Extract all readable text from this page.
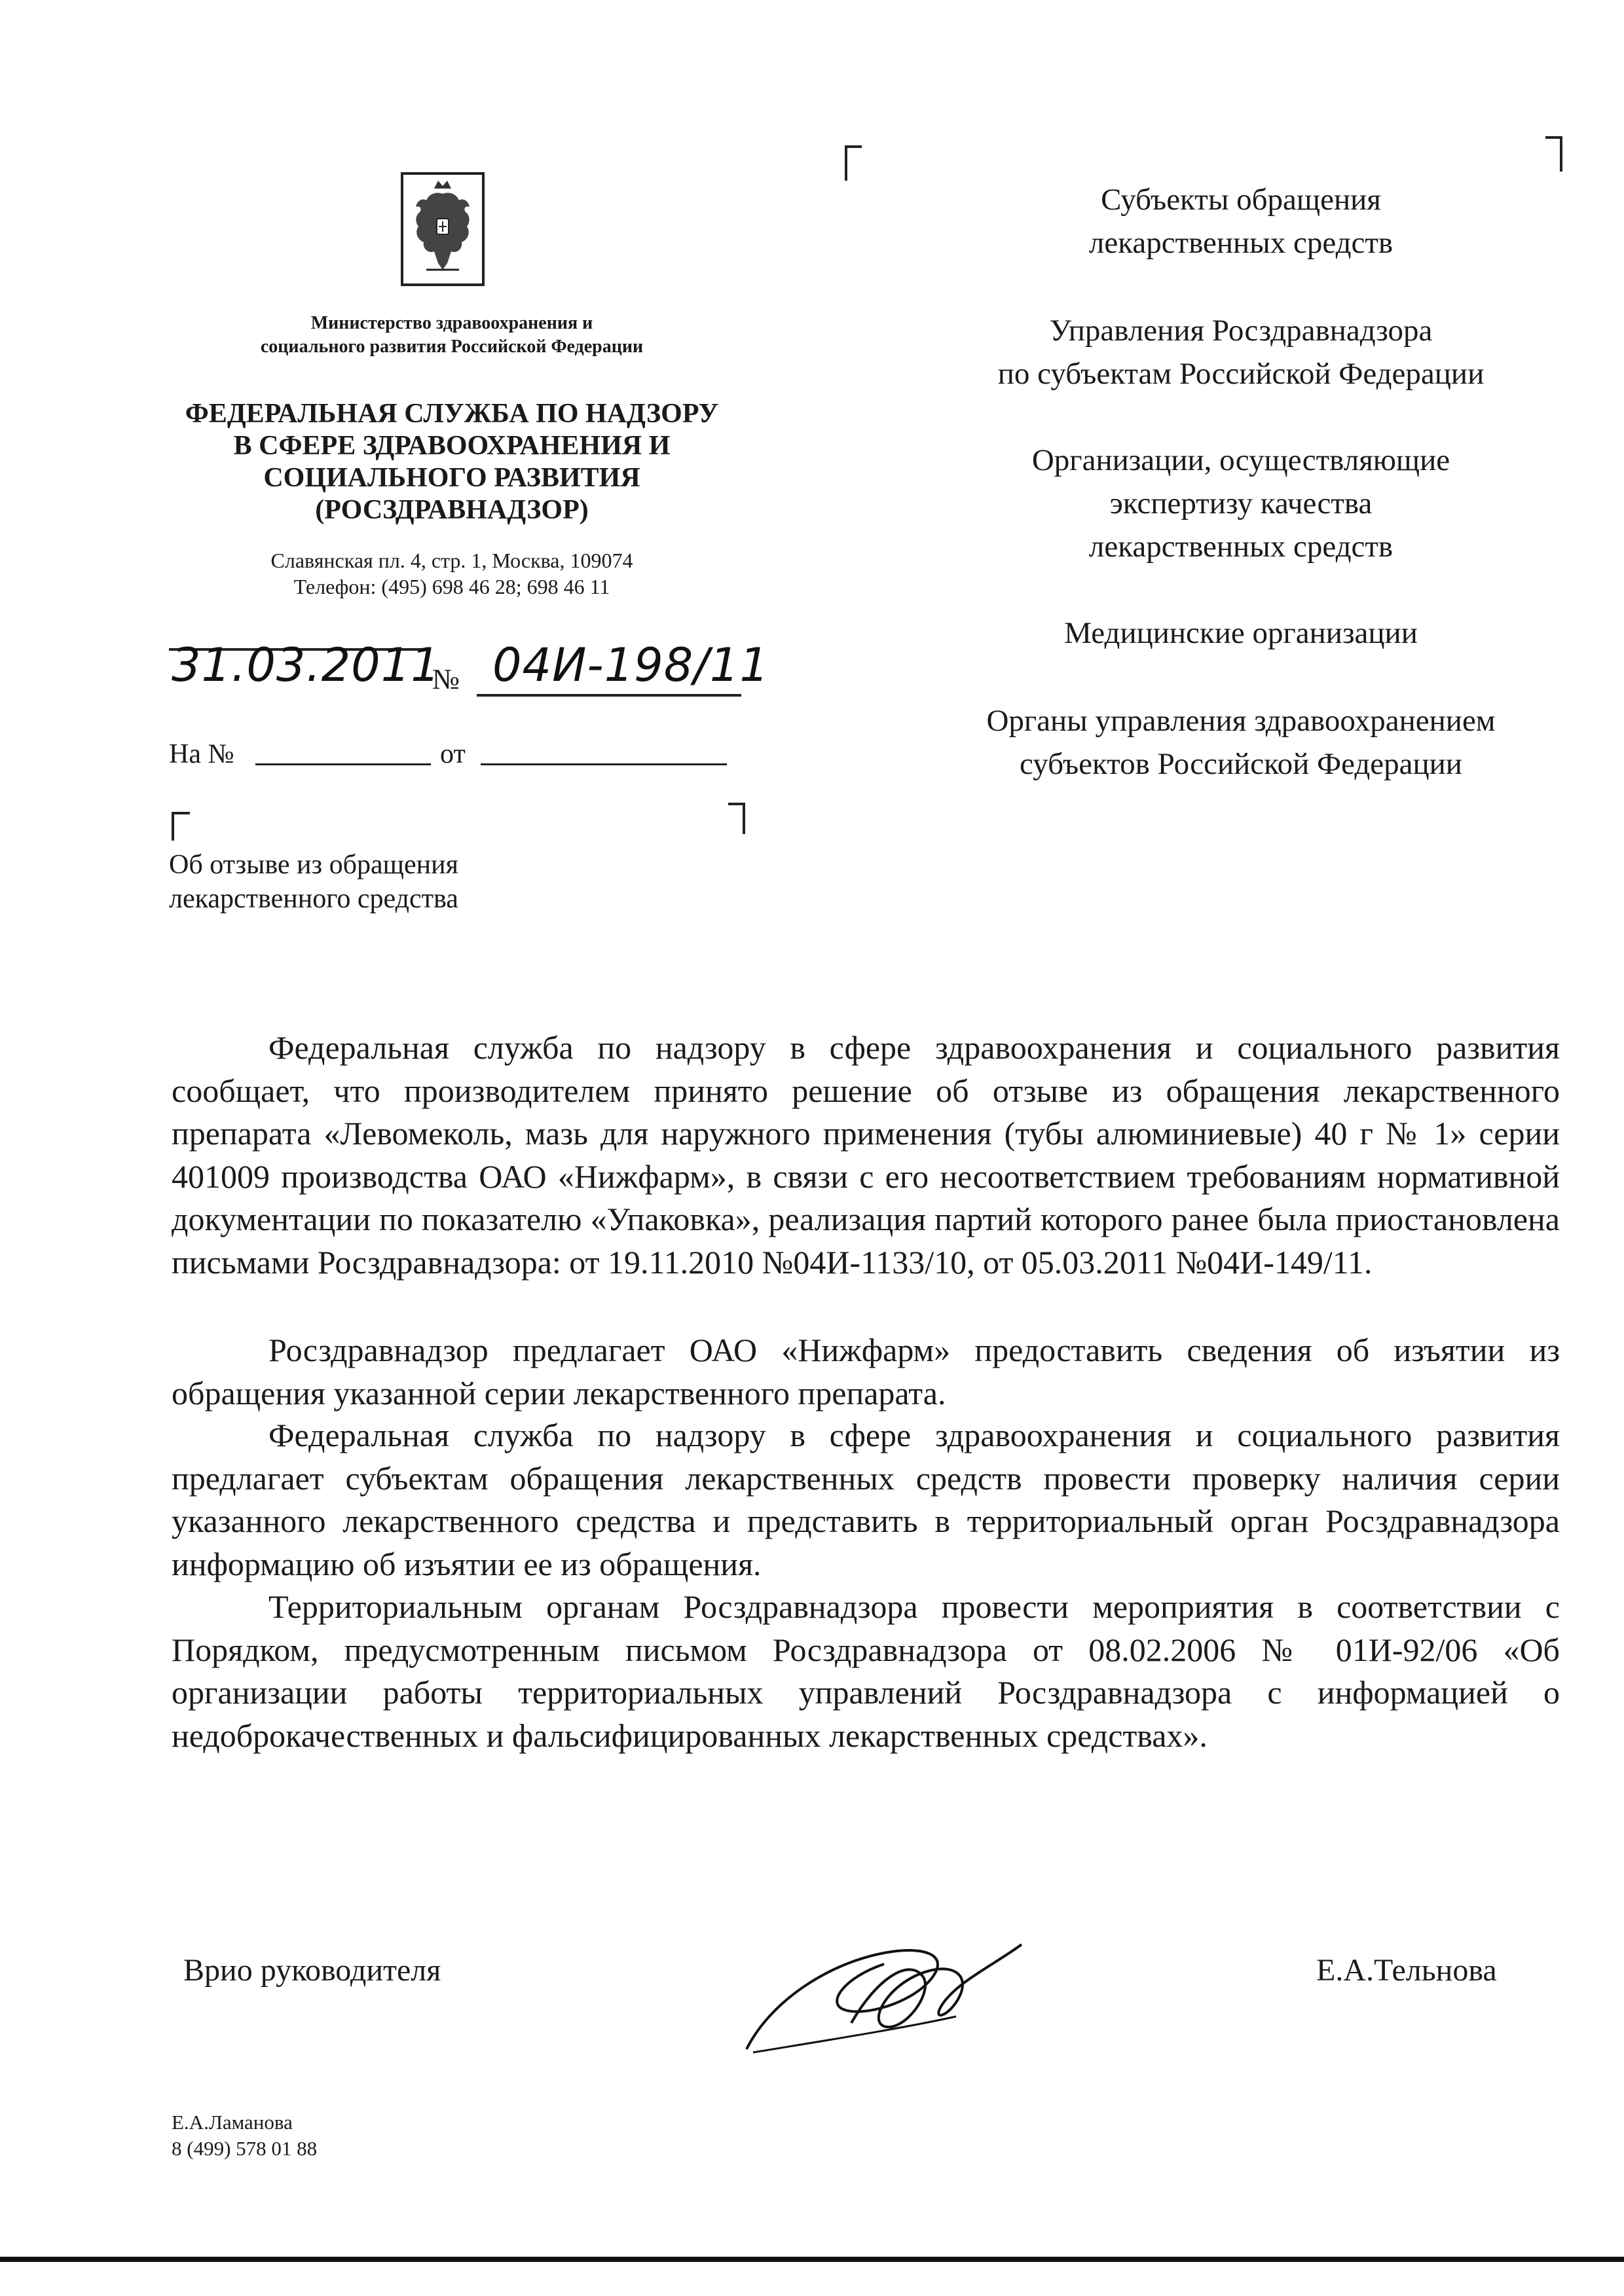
Министерство здравоохранения и
социального развития Российской Федерации
ФЕДЕРАЛЬНАЯ СЛУЖБА ПО НАДЗОРУ
В СФЕРЕ ЗДРАВООХРАНЕНИЯ И
СОЦИАЛЬНОГО РАЗВИТИЯ
(РОСЗДРАВНАДЗОР)
Славянская пл. 4, стр. 1, Москва, 109074
Телефон: (495) 698 46 28; 698 46 11
31.03.2011
№ 04И-198/11
На №	от
Об отзыве из обращения
лекарственного средства
Субъекты обращения
лекарственных средств
Управления Росздравнадзора
по субъектам Российской Федерации
Организации, осуществляющие
экспертизу качества
лекарственных средств
Медицинские организации
Органы управления здравоохранением
субъектов Российской Федерации

Федеральная служба по надзору в сфере здравоохранения и социального развития сообщает, что производителем принято решение об отзыве из обращения лекарственного препарата «Левомеколь, мазь для наружного применения (тубы алюминиевые) 40 г № 1» серии 401009 производства ОАО «Нижфарм», в связи с его несоответствием требованиям нормативной документации по показателю «Упаковка», реализация партий которого ранее была приостановлена письмами Росздравнадзора: от 19.11.2010 №04И-1133/10, от 05.03.2011 №04И-149/11.

Росздравнадзор предлагает ОАО «Нижфарм» предоставить сведения об изъятии из обращения указанной серии лекарственного препарата.

Федеральная служба по надзору в сфере здравоохранения и социального развития предлагает субъектам обращения лекарственных средств провести проверку наличия серии указанного лекарственного средства и представить в территориальный орган Росздравнадзора информацию об изъятии ее из обращения.

Территориальным органам Росздравнадзора провести мероприятия в соответствии с Порядком, предусмотренным письмом Росздравнадзора от 08.02.2006 № 01И-92/06 «Об организации работы территориальных управлений Росздравнадзора с информацией о недоброкачественных и фальсифицированных лекарственных средствах».

Врио руководителя	Е.А.Тельнова
Е.А.Ламанова
8 (499) 578 01 88
